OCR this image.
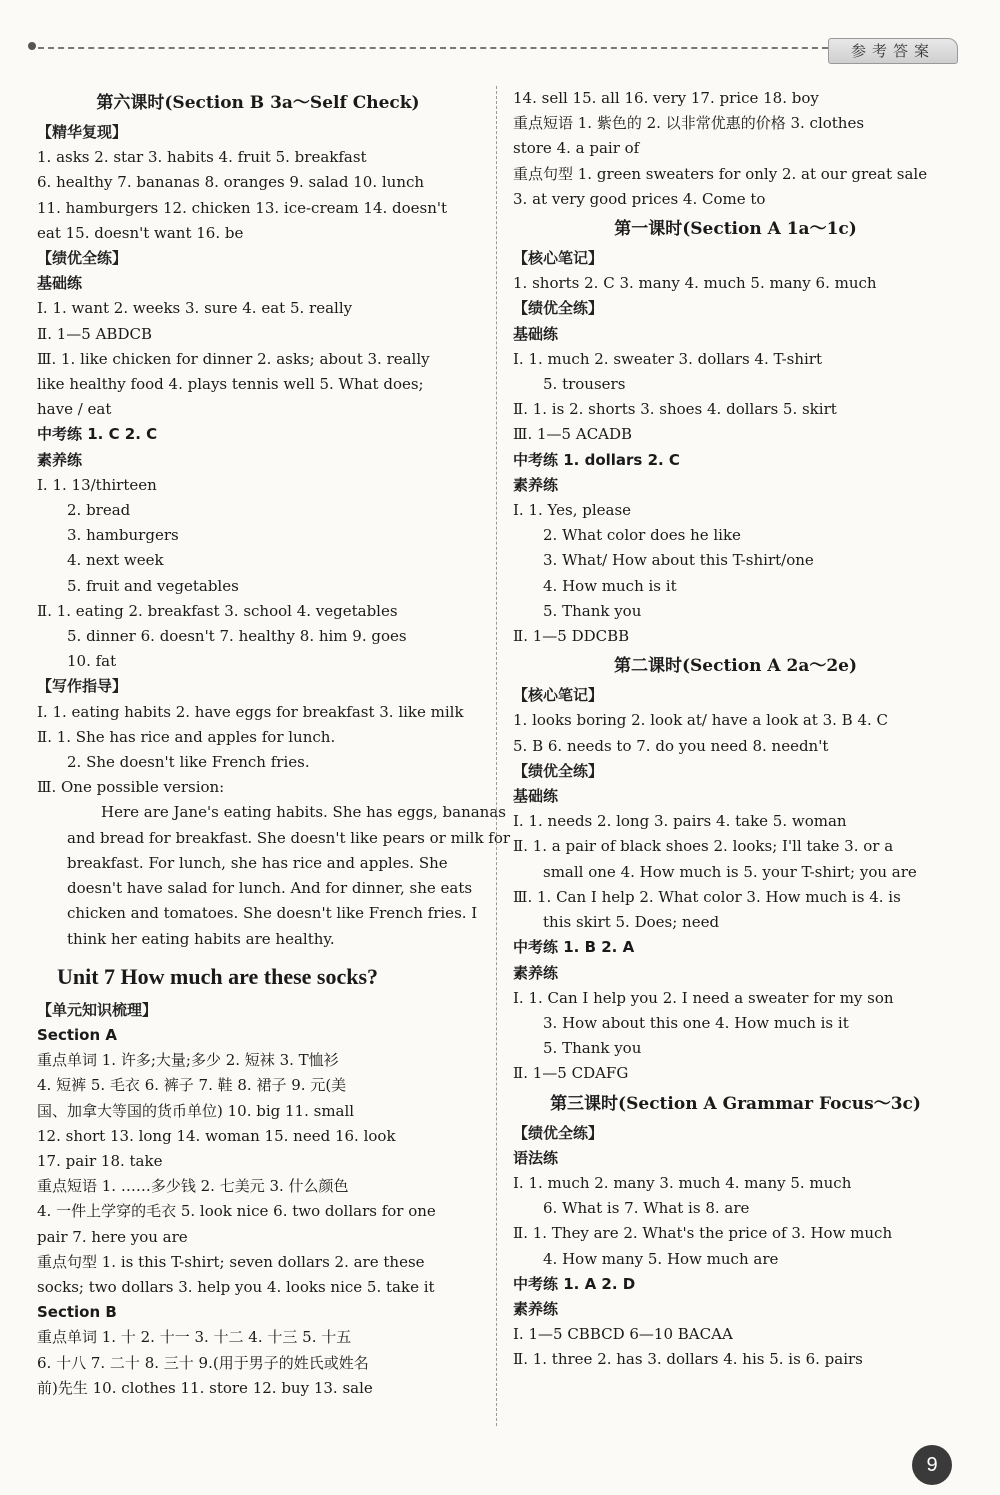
参考答案
第六课时(Section B 3a～Self Check)
【精华复现】
1. asks 2. star 3. habits 4. fruit 5. breakfast
6. healthy 7. bananas 8. oranges 9. salad 10. lunch
11. hamburgers 12. chicken 13. ice-cream 14. doesn't
eat 15. doesn't want 16. be
【绩优全练】
基础练
Ⅰ. 1. want 2. weeks 3. sure 4. eat 5. really
Ⅱ. 1—5 ABDCB
Ⅲ. 1. like chicken for dinner 2. asks; about 3. really
like healthy food 4. plays tennis well 5. What does;
have / eat
中考练 1. C 2. C
素养练
Ⅰ. 1. 13/thirteen
2. bread
3. hamburgers
4. next week
5. fruit and vegetables
Ⅱ. 1. eating 2. breakfast 3. school 4. vegetables
5. dinner 6. doesn't 7. healthy 8. him 9. goes
10. fat
【写作指导】
Ⅰ. 1. eating habits 2. have eggs for breakfast 3. like milk
Ⅱ. 1. She has rice and apples for lunch.
2. She doesn't like French fries.
Ⅲ. One possible version:
Here are Jane's eating habits. She has eggs, bananas
and bread for breakfast. She doesn't like pears or milk for
breakfast. For lunch, she has rice and apples. She
doesn't have salad for lunch. And for dinner, she eats
chicken and tomatoes. She doesn't like French fries. I
think her eating habits are healthy.
Unit 7 How much are these socks?
【单元知识梳理】
Section A
重点单词 1. 许多;大量;多少 2. 短袜 3. T恤衫
4. 短裤 5. 毛衣 6. 裤子 7. 鞋 8. 裙子 9. 元(美
国、加拿大等国的货币单位) 10. big 11. small
12. short 13. long 14. woman 15. need 16. look
17. pair 18. take
重点短语 1. ……多少钱 2. 七美元 3. 什么颜色
4. 一件上学穿的毛衣 5. look nice 6. two dollars for one
pair 7. here you are
重点句型 1. is this T-shirt; seven dollars 2. are these
socks; two dollars 3. help you 4. looks nice 5. take it
Section B
重点单词 1. 十 2. 十一 3. 十二 4. 十三 5. 十五
6. 十八 7. 二十 8. 三十 9.(用于男子的姓氏或姓名
前)先生 10. clothes 11. store 12. buy 13. sale
14. sell 15. all 16. very 17. price 18. boy
重点短语 1. 紫色的 2. 以非常优惠的价格 3. clothes
store 4. a pair of
重点句型 1. green sweaters for only 2. at our great sale
3. at very good prices 4. Come to
第一课时(Section A 1a～1c)
【核心笔记】
1. shorts 2. C 3. many 4. much 5. many 6. much
【绩优全练】
基础练
Ⅰ. 1. much 2. sweater 3. dollars 4. T-shirt
5. trousers
Ⅱ. 1. is 2. shorts 3. shoes 4. dollars 5. skirt
Ⅲ. 1—5 ACADB
中考练 1. dollars 2. C
素养练
Ⅰ. 1. Yes, please
2. What color does he like
3. What/ How about this T-shirt/one
4. How much is it
5. Thank you
Ⅱ. 1—5 DDCBB
第二课时(Section A 2a～2e)
【核心笔记】
1. looks boring 2. look at/ have a look at 3. B 4. C
5. B 6. needs to 7. do you need 8. needn't
【绩优全练】
基础练
Ⅰ. 1. needs 2. long 3. pairs 4. take 5. woman
Ⅱ. 1. a pair of black shoes 2. looks; I'll take 3. or a
small one 4. How much is 5. your T-shirt; you are
Ⅲ. 1. Can I help 2. What color 3. How much is 4. is
this skirt 5. Does; need
中考练 1. B 2. A
素养练
Ⅰ. 1. Can I help you 2. I need a sweater for my son
3. How about this one 4. How much is it
5. Thank you
Ⅱ. 1—5 CDAFG
第三课时(Section A Grammar Focus～3c)
【绩优全练】
语法练
Ⅰ. 1. much 2. many 3. much 4. many 5. much
6. What is 7. What is 8. are
Ⅱ. 1. They are 2. What's the price of 3. How much
4. How many 5. How much are
中考练 1. A 2. D
素养练
Ⅰ. 1—5 CBBCD 6—10 BACAA
Ⅱ. 1. three 2. has 3. dollars 4. his 5. is 6. pairs
9
